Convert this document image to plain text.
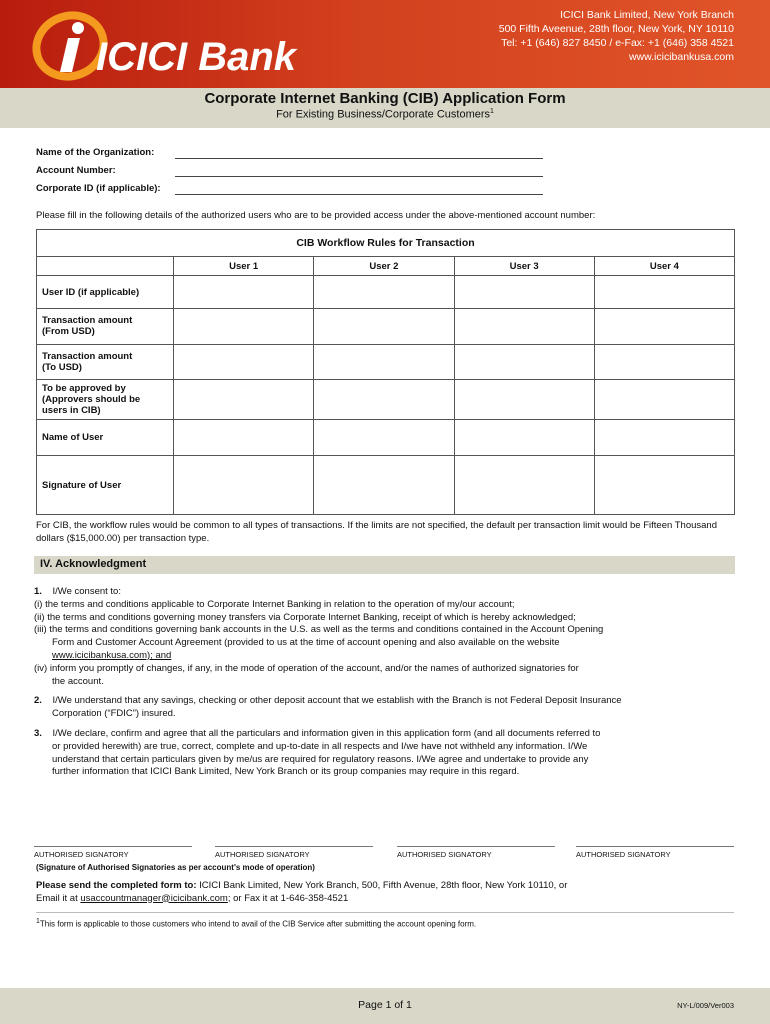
ICICI Bank
ICICI Bank Limited, New York Branch
500 Fifth Aveenue, 28th floor, New York, NY 10110
Tel: +1 (646) 827 8450 / e-Fax: +1 (646) 358 4521
www.icicibankusa.com
Corporate Internet Banking (CIB) Application Form
For Existing Business/Corporate Customers$^1$
Name of the Organization:
Account Number:
Corporate ID (if applicable):
Please fill in the following details of the authorized users who are to be provided access under the above-mentioned account number:
CIB Workflow Rules for Transaction				
	User 1	User 2	User 3	User 4
User ID (if applicable)				
Transaction amount
(From USD)				
Transaction amount
(To USD)				
To be approved by
(Approvers should be
users in CIB)				
Name of User				
Signature of User				
For CIB, the workflow rules would be common to all types of transactions. If the limits are not specified, the default per transaction limit would be Fifteen Thousand dollars ($15,000.00) per transaction type.
IV. Acknowledgment
1. I/We consent to:
(i) the terms and conditions applicable to Corporate Internet Banking in relation to the operation of my/our account;
(ii) the terms and conditions governing money transfers via Corporate Internet Banking, receipt of which is hereby acknowledged;
(iii) the terms and conditions governing bank accounts in the U.S. as well as the terms and conditions contained in the Account Opening
Form and Customer Account Agreement (provided to us at the time of account opening and also available on the website
www.icicibankusa.com); and
(iv) inform you promptly of changes, if any, in the mode of operation of the account, and/or the names of authorized signatories for
the account.
2. I/We understand that any savings, checking or other deposit account that we establish with the Branch is not Federal Deposit Insurance
Corporation (“FDIC”) insured.
3. I/We declare, confirm and agree that all the particulars and information given in this application form (and all documents referred to
or provided herewith) are true, correct, complete and up-to-date in all respects and I/we have not withheld any information. I/We
understand that certain particulars given by me/us are required for regulatory reasons. I/We agree and undertake to provide any
further information that ICICI Bank Limited, New York Branch or its group companies may require in this regard.
AUTHORISED SIGNATORY	AUTHORISED SIGNATORY	AUTHORISED SIGNATORY	AUTHORISED SIGNATORY
(Signature of Authorised Signatories as per account's mode of operation)
Please send the completed form to: ICICI Bank Limited, New York Branch, 500, Fifth Avenue, 28th floor, New York 10110, or
Email it at usaccountmanager@icicibank.com; or Fax it at 1-646-358-4521
$^1$This form is applicable to those customers who intend to avail of the CIB Service after submitting the account opening form.
Page 1 of 1	NY-L/009/Ver003
